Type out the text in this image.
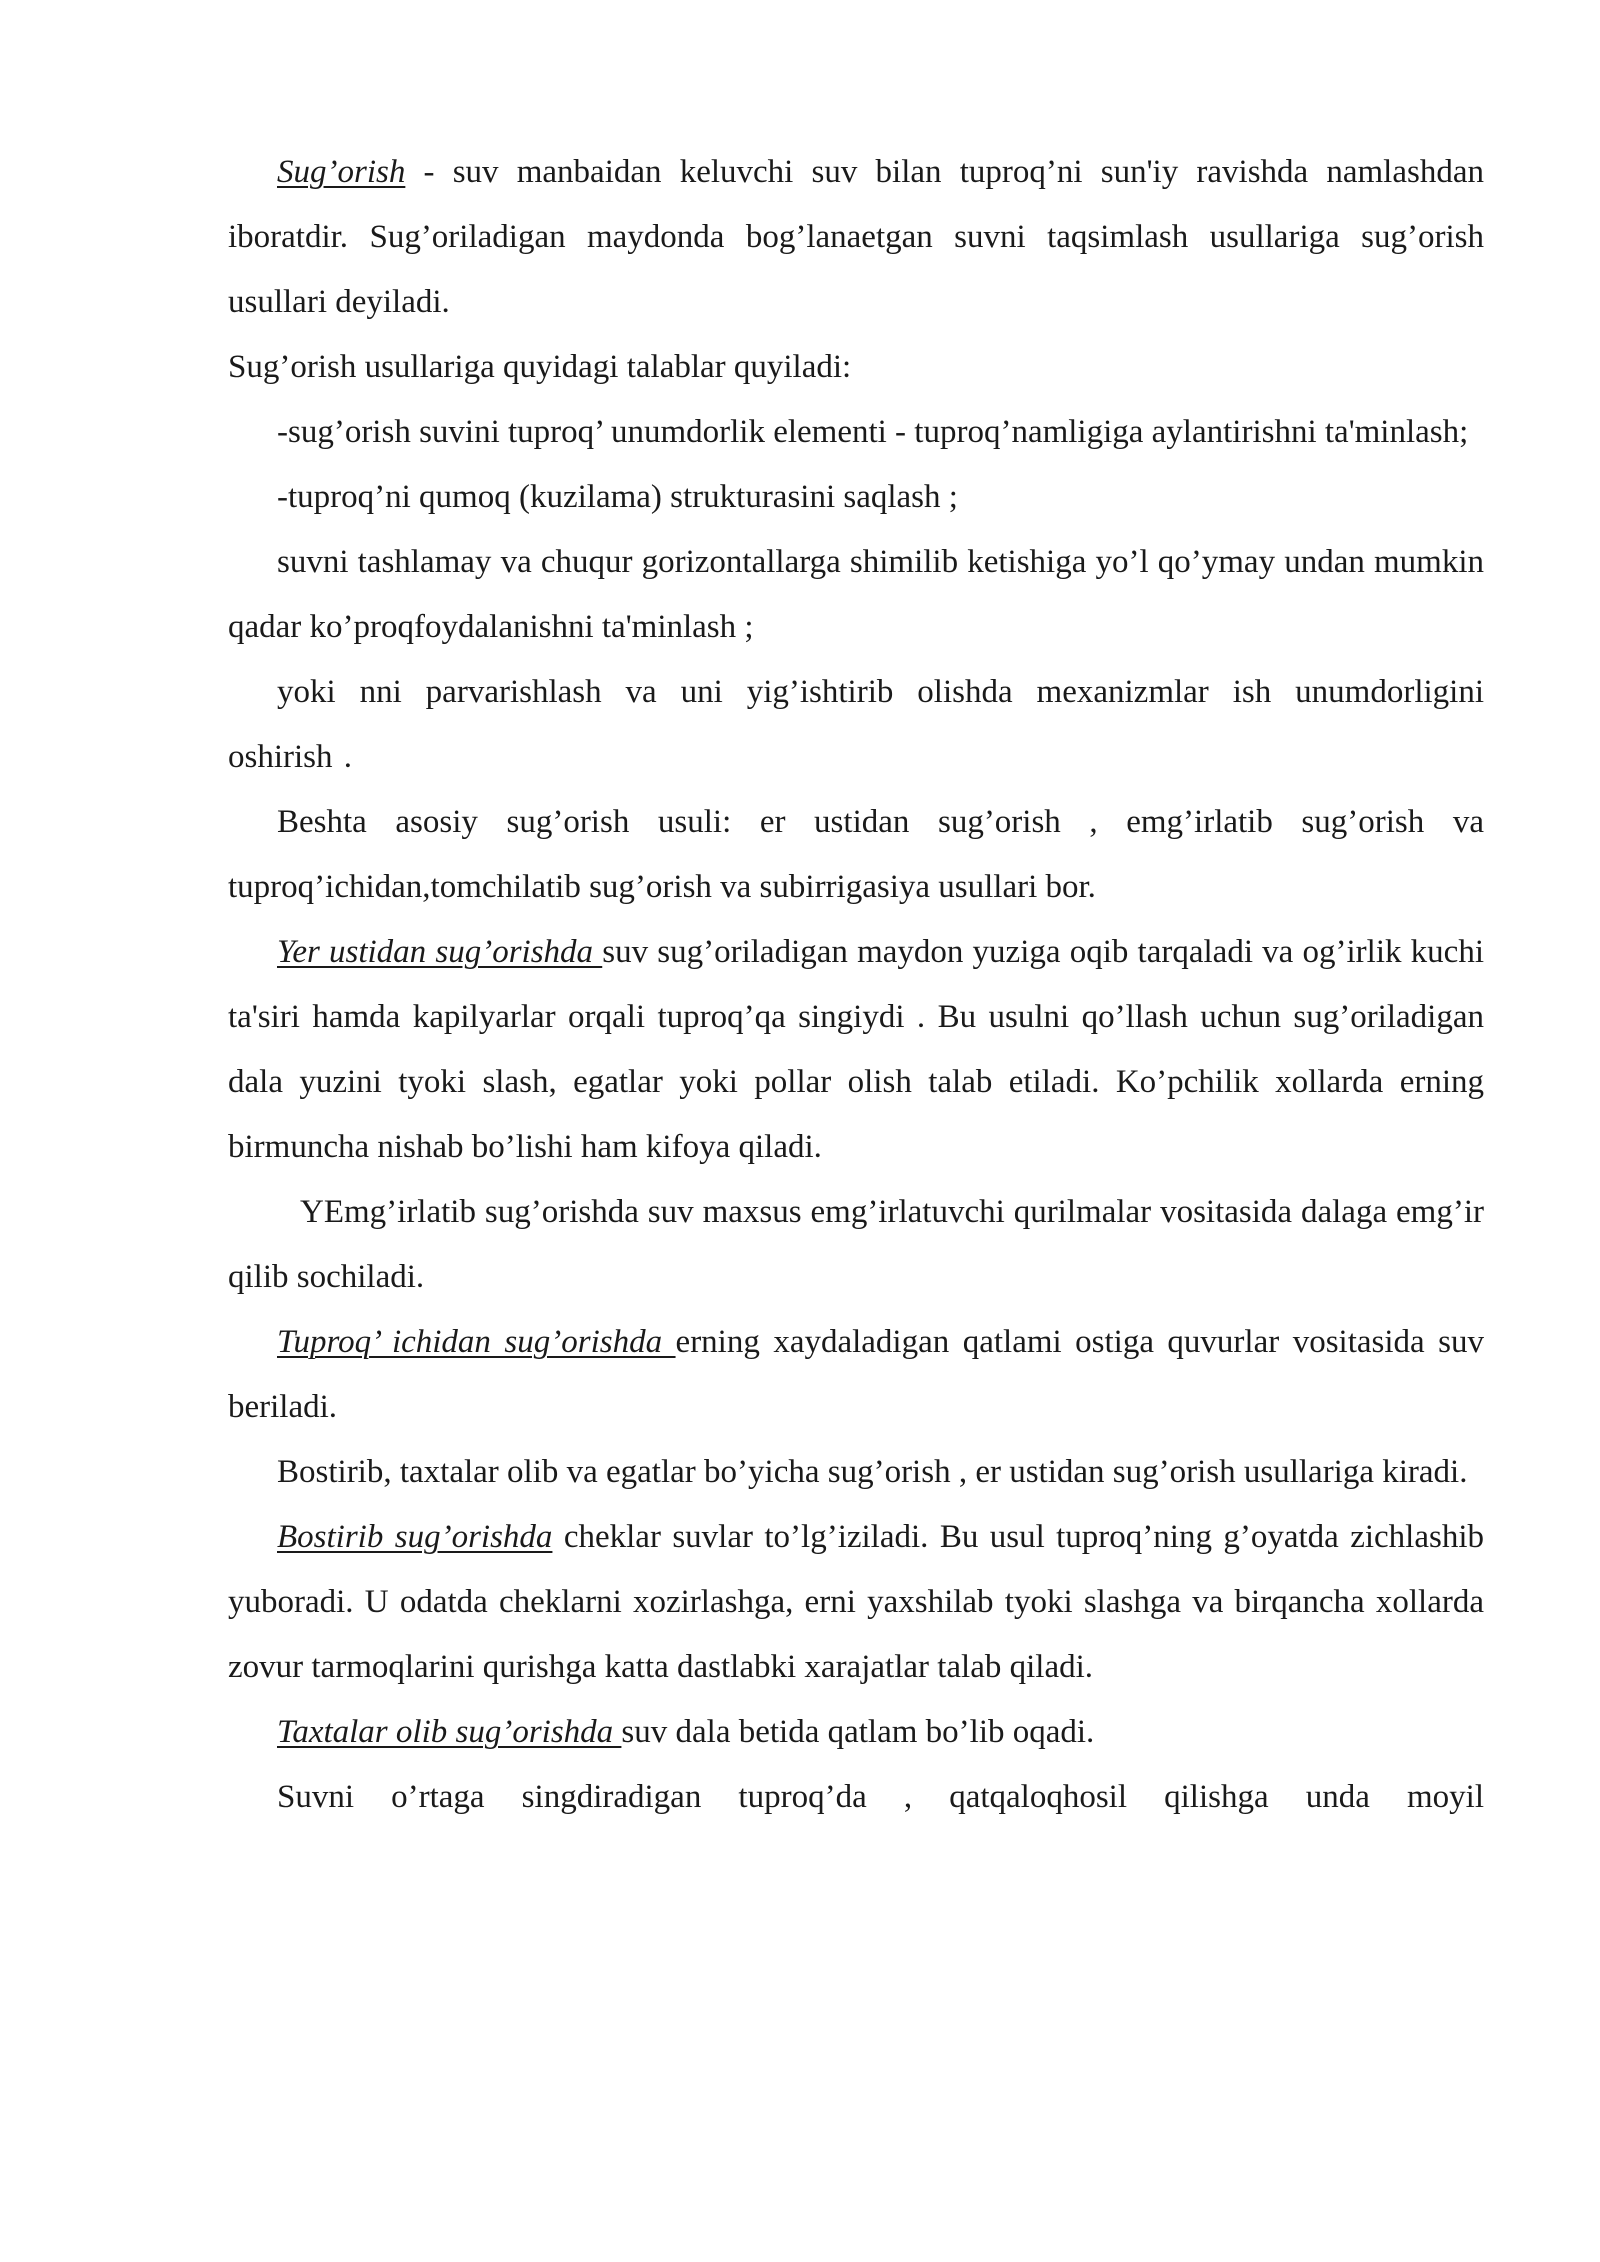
Sug’orish - suv manbaidan keluvchi suv bilan tuproq’ni sun'iy ravishda namlashdan iboratdir. Sug’oriladigan maydonda bog’lanaetgan suvni taqsimlash usullariga sug’orish usullari deyiladi.

Sug’orish usullariga quyidagi talablar quyiladi:

-sug’orish suvini tuproq’ unumdorlik elementi - tuproq’namligiga aylantirishni ta'minlash;

-tuproq’ni qumoq (kuzilama) strukturasini saqlash ;

suvni tashlamay va chuqur gorizontallarga shimilib ketishiga yo’l qo’ymay undan mumkin qadar ko’proqfoydalanishni ta'minlash ;

yoki nni parvarishlash va uni yig’ishtirib olishda mexanizmlar ish unumdorligini oshirish .

Beshta asosiy sug’orish usuli: er ustidan sug’orish , emg’irlatib sug’orish va tuproq’ichidan,tomchilatib sug’orish va subirrigasiya usullari bor.

Yer ustidan sug’orishda suv sug’oriladigan maydon yuziga oqib tarqaladi va og’irlik kuchi ta'siri hamda kapilyarlar orqali tuproq’qa singiydi . Bu usulni qo’llash uchun sug’oriladigan dala yuzini tyoki slash, egatlar yoki pollar olish talab etiladi. Ko’pchilik xollarda erning birmuncha nishab bo’lishi ham kifoya qiladi.

YEmg’irlatib sug’orishda suv maxsus emg’irlatuvchi qurilmalar vositasida dalaga emg’ir qilib sochiladi.

Tuproq’ ichidan sug’orishda erning xaydaladigan qatlami ostiga quvurlar vositasida suv beriladi.

Bostirib, taxtalar olib va egatlar bo’yicha sug’orish , er ustidan sug’orish usullariga kiradi.

Bostirib sug’orishda cheklar suvlar to’lg’iziladi. Bu usul tuproq’ning g’oyatda zichlashib yuboradi. U odatda cheklarni xozirlashga, erni yaxshilab tyoki slashga va birqancha xollarda zovur tarmoqlarini qurishga katta dastlabki xarajatlar talab qiladi.

Taxtalar olib sug’orishda suv dala betida qatlam bo’lib oqadi.

Suvni o’rtaga singdiradigan tuproq’da , qatqaloqhosil qilishga unda moyil
